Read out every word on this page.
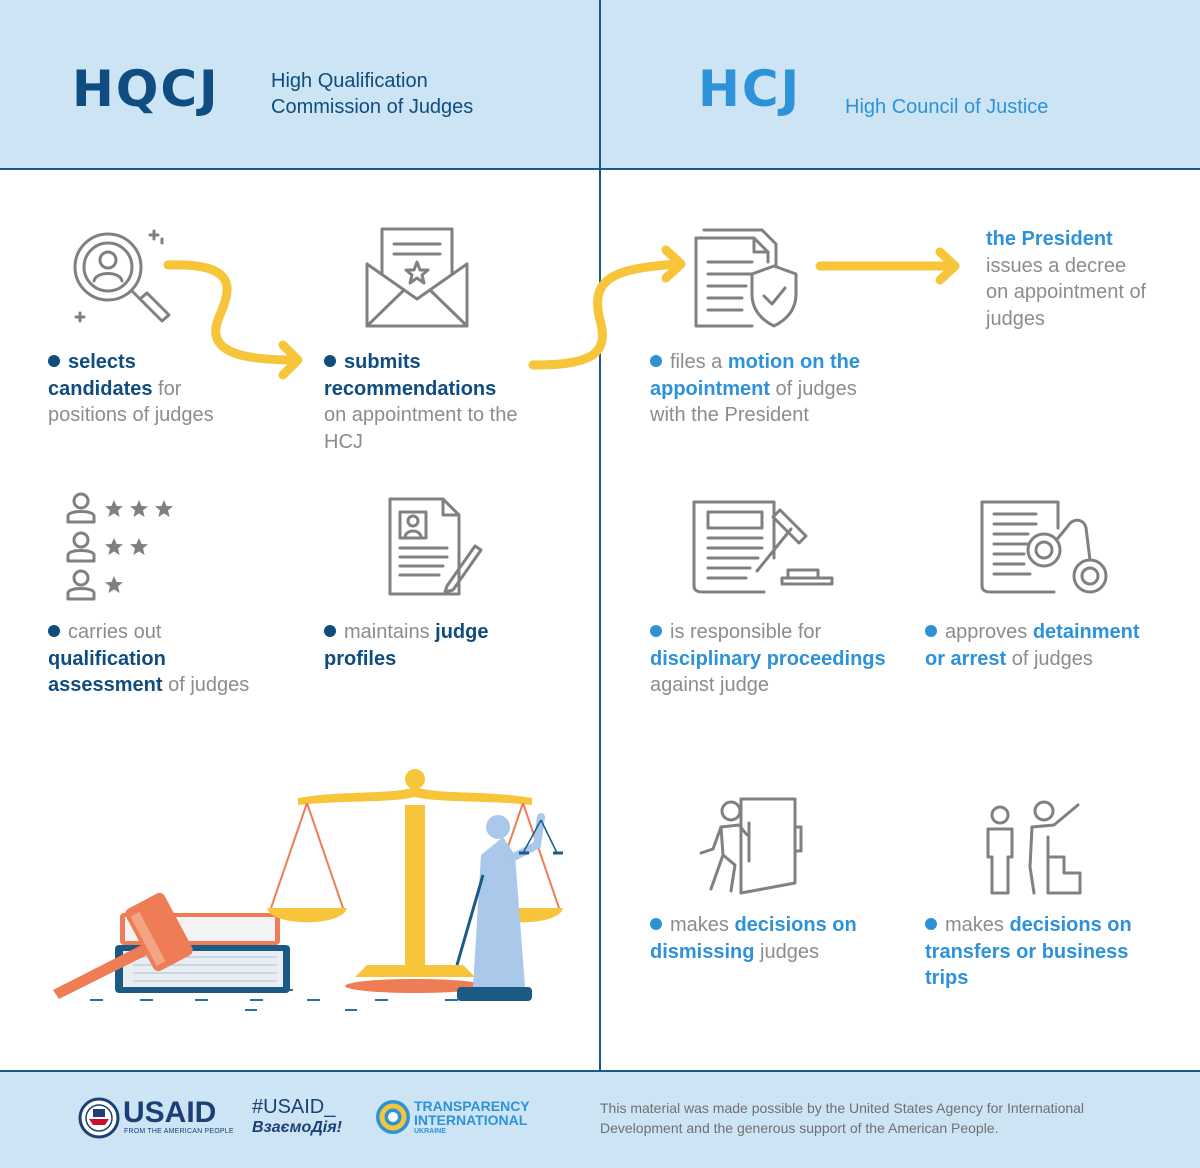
HQCJ	High Qualification
Commission of Judges	HCJ High Council of Justice
selects candidates for positions of judges
submits recommendations on appointment to the HCJ
carries out qualification assessment of judges
maintains judge profiles
files a motion on the appointment of judges with the President
the President issues a decree on appointment of judges
is responsible for disciplinary proceedings against judge
approves detainment or arrest of judges
makes decisions on dismissing judges
makes decisions on transfers or business trips
USAID
FROM THE AMERICAN PEOPLE
#USAID_
ВзаємоДія!
TRANSPARENCY
INTERNATIONAL
UKRAINE
This material was made possible by the United States Agency for International Development and the generous support of the American People.
